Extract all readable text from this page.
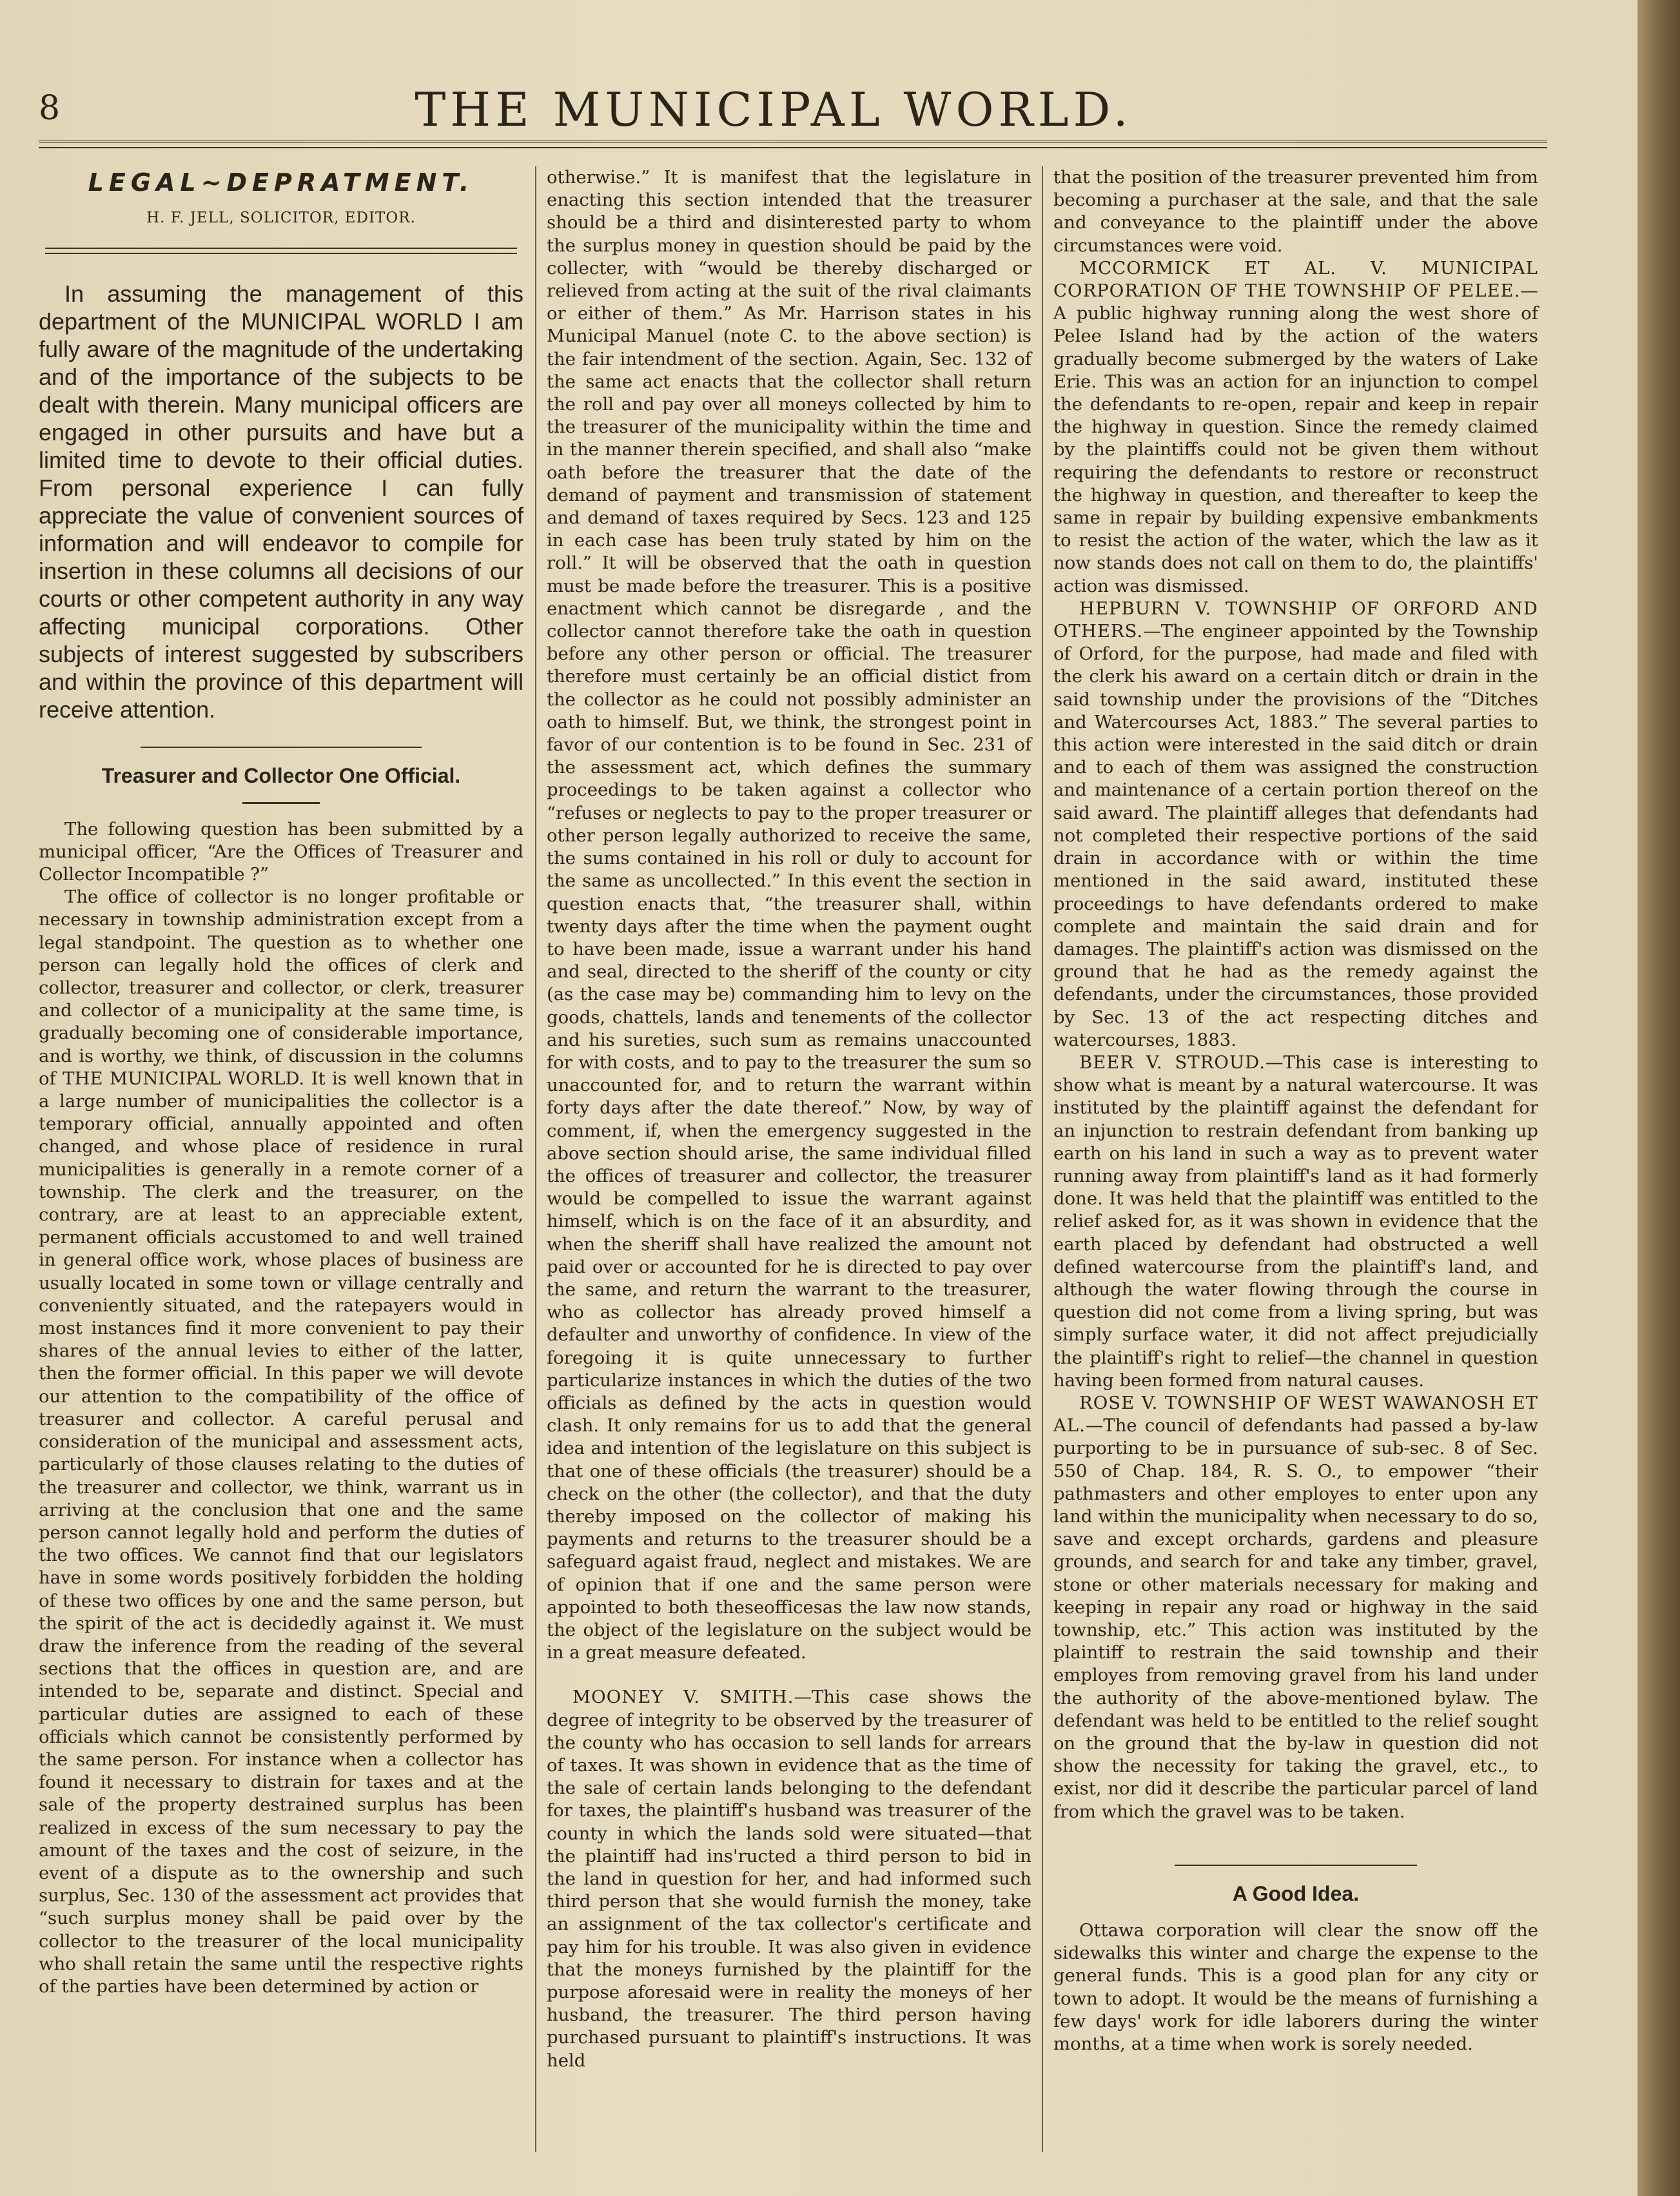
8	THE MUNICIPAL WORLD.
LEGAL~DEPRATMENT.
H. F. JELL, SOLICITOR, EDITOR.

In assuming the management of this department of the MUNICIPAL WORLD I am fully aware of the magnitude of the undertaking and of the importance of the subjects to be dealt with therein. Many municipal officers are engaged in other pursuits and have but a limited time to devote to their official duties. From personal experience I can fully appreciate the value of convenient sources of information and will endeavor to compile for insertion in these columns all decisions of our courts or other competent authority in any way affecting municipal corporations. Other subjects of interest suggested by subscribers and within the province of this department will receive attention.

Treasurer and Collector One Official.

The following question has been submitted by a municipal officer, “Are the Offices of Treasurer and Collector Incompatible ?”

The office of collector is no longer profitable or necessary in township administration except from a legal standpoint. The question as to whether one person can legally hold the offices of clerk and collector, treasurer and collector, or clerk, treasurer and collector of a municipality at the same time, is gradually becoming one of considerable importance, and is worthy, we think, of discussion in the columns of THE MUNICIPAL WORLD. It is well known that in a large number of municipalities the collector is a temporary official, annually appointed and often changed, and whose place of residence in rural municipalities is generally in a remote corner of a township. The clerk and the treasurer, on the contrary, are at least to an appreciable extent, permanent officials accustomed to and well trained in general office work, whose places of business are usually located in some town or village centrally and conveniently situated, and the ratepayers would in most instances find it more convenient to pay their shares of the annual levies to either of the latter, then the former official. In this paper we will devote our attention to the compatibility of the office of treasurer and collector. A careful perusal and consideration of the municipal and assessment acts, particularly of those clauses relating to the duties of the treasurer and collector, we think, warrant us in arriving at the conclusion that one and the same person cannot legally hold and perform the duties of the two offices. We cannot find that our legislators have in some words positively forbidden the holding of these two offices by one and the same person, but the spirit of the act is decidedly against it. We must draw the inference from the reading of the several sections that the offices in question are, and are intended to be, separate and distinct. Special and particular duties are assigned to each of these officials which cannot be consistently performed by the same person. For instance when a collector has found it necessary to distrain for taxes and at the sale of the property destrained surplus has been realized in excess of the sum necessary to pay the amount of the taxes and the cost of seizure, in the event of a dispute as to the ownership and such surplus, Sec. 130 of the assessment act provides that “such surplus money shall be paid over by the collector to the treasurer of the local municipality who shall retain the same until the respective rights of the parties have been determined by action or

otherwise.” It is manifest that the legislature in enacting this section intended that the treasurer should be a third and disinterested party to whom the surplus money in question should be paid by the collecter, with “would be thereby discharged or relieved from acting at the suit of the rival claimants or either of them.” As Mr. Harrison states in his Municipal Manuel (note C. to the above section) is the fair intendment of the section. Again, Sec. 132 of the same act enacts that the collector shall return the roll and pay over all moneys collected by him to the treasurer of the municipality within the time and in the manner therein specified, and shall also “make oath before the treasurer that the date of the demand of payment and transmission of statement and demand of taxes required by Secs. 123 and 125 in each case has been truly stated by him on the roll.” It will be observed that the oath in question must be made before the treasurer. This is a positive enactment which cannot be disregarde , and the collector cannot therefore take the oath in question before any other person or official. The treasurer therefore must certainly be an official distict from the collector as he could not possibly administer an oath to himself. But, we think, the strongest point in favor of our contention is to be found in Sec. 231 of the assessment act, which defines the summary proceedings to be taken against a collector who “refuses or neglects to pay to the proper treasurer or other person legally authorized to receive the same, the sums contained in his roll or duly to account for the same as uncollected.” In this event the section in question enacts that, “the treasurer shall, within twenty days after the time when the payment ought to have been made, issue a warrant under his hand and seal, directed to the sheriff of the county or city (as the case may be) commanding him to levy on the goods, chattels, lands and tenements of the collector and his sureties, such sum as remains unaccounted for with costs, and to pay to the treasurer the sum so unaccounted for, and to return the warrant within forty days after the date thereof.” Now, by way of comment, if, when the emergency suggested in the above section should arise, the same individual filled the offices of treasurer and collector, the treasurer would be compelled to issue the warrant against himself, which is on the face of it an absurdity, and when the sheriff shall have realized the amount not paid over or accounted for he is directed to pay over the same, and return the warrant to the treasurer, who as collector has already proved himself a defaulter and unworthy of confidence. In view of the foregoing it is quite unnecessary to further particularize instances in which the duties of the two officials as defined by the acts in question would clash. It only remains for us to add that the general idea and intention of the legislature on this subject is that one of these officials (the treasurer) should be a check on the other (the collector), and that the duty thereby imposed on the collector of making his payments and returns to the treasurer should be a safeguard agaist fraud, neglect and mistakes. We are of opinion that if one and the same person were appointed to both theseofficesas the law now stands, the object of the legislature on the subject would be in a great measure defeated.

MOONEY V. SMITH.—This case shows the degree of integrity to be observed by the treasurer of the county who has occasion to sell lands for arrears of taxes. It was shown in evidence that as the time of the sale of certain lands belonging to the defendant for taxes, the plaintiff's husband was treasurer of the county in which the lands sold were situated—that the plaintiff had ins'ructed a third person to bid in the land in question for her, and had informed such third person that she would furnish the money, take an assignment of the tax collector's certificate and pay him for his trouble. It was also given in evidence that the moneys furnished by the plaintiff for the purpose aforesaid were in reality the moneys of her husband, the treasurer. The third person having purchased pursuant to plaintiff's instructions. It was held

that the position of the treasurer prevented him from becoming a purchaser at the sale, and that the sale and conveyance to the plaintiff under the above circumstances were void.

MCCORMICK ET AL. V. MUNICIPAL CORPORATION OF THE TOWNSHIP OF PELEE.—A public highway running along the west shore of Pelee Island had by the action of the waters gradually become submerged by the waters of Lake Erie. This was an action for an injunction to compel the defendants to re-open, repair and keep in repair the highway in question. Since the remedy claimed by the plaintiffs could not be given them without requiring the defendants to restore or reconstruct the highway in question, and thereafter to keep the same in repair by building expensive embankments to resist the action of the water, which the law as it now stands does not call on them to do, the plaintiffs' action was dismissed.

HEPBURN V. TOWNSHIP OF ORFORD AND OTHERS.—The engineer appointed by the Township of Orford, for the purpose, had made and filed with the clerk his award on a certain ditch or drain in the said township under the provisions of the “Ditches and Watercourses Act, 1883.” The several parties to this action were interested in the said ditch or drain and to each of them was assigned the construction and maintenance of a certain portion thereof on the said award. The plaintiff alleges that defendants had not completed their respective portions of the said drain in accordance with or within the time mentioned in the said award, instituted these proceedings to have defendants ordered to make complete and maintain the said drain and for damages. The plaintiff's action was dismissed on the ground that he had as the remedy against the defendants, under the circumstances, those provided by Sec. 13 of the act respecting ditches and watercourses, 1883.

BEER V. STROUD.—This case is interesting to show what is meant by a natural watercourse. It was instituted by the plaintiff against the defendant for an injunction to restrain defendant from banking up earth on his land in such a way as to prevent water running away from plaintiff's land as it had formerly done. It was held that the plaintiff was entitled to the relief asked for, as it was shown in evidence that the earth placed by defendant had obstructed a well defined watercourse from the plaintiff's land, and although the water flowing through the course in question did not come from a living spring, but was simply surface water, it did not affect prejudicially the plaintiff's right to relief—the channel in question having been formed from natural causes.

ROSE V. TOWNSHIP OF WEST WAWANOSH ET AL.—The council of defendants had passed a by-law purporting to be in pursuance of sub-sec. 8 of Sec. 550 of Chap. 184, R. S. O., to empower “their pathmasters and other employes to enter upon any land within the municipality when necessary to do so, save and except orchards, gardens and pleasure grounds, and search for and take any timber, gravel, stone or other materials necessary for making and keeping in repair any road or highway in the said township, etc.” This action was instituted by the plaintiff to restrain the said township and their employes from removing gravel from his land under the authority of the above-mentioned bylaw. The defendant was held to be entitled to the relief sought on the ground that the by-law in question did not show the necessity for taking the gravel, etc., to exist, nor did it describe the particular parcel of land from which the gravel was to be taken.

A Good Idea.

Ottawa corporation will clear the snow off the sidewalks this winter and charge the expense to the general funds. This is a good plan for any city or town to adopt. It would be the means of furnishing a few days' work for idle laborers during the winter months, at a time when work is sorely needed.
